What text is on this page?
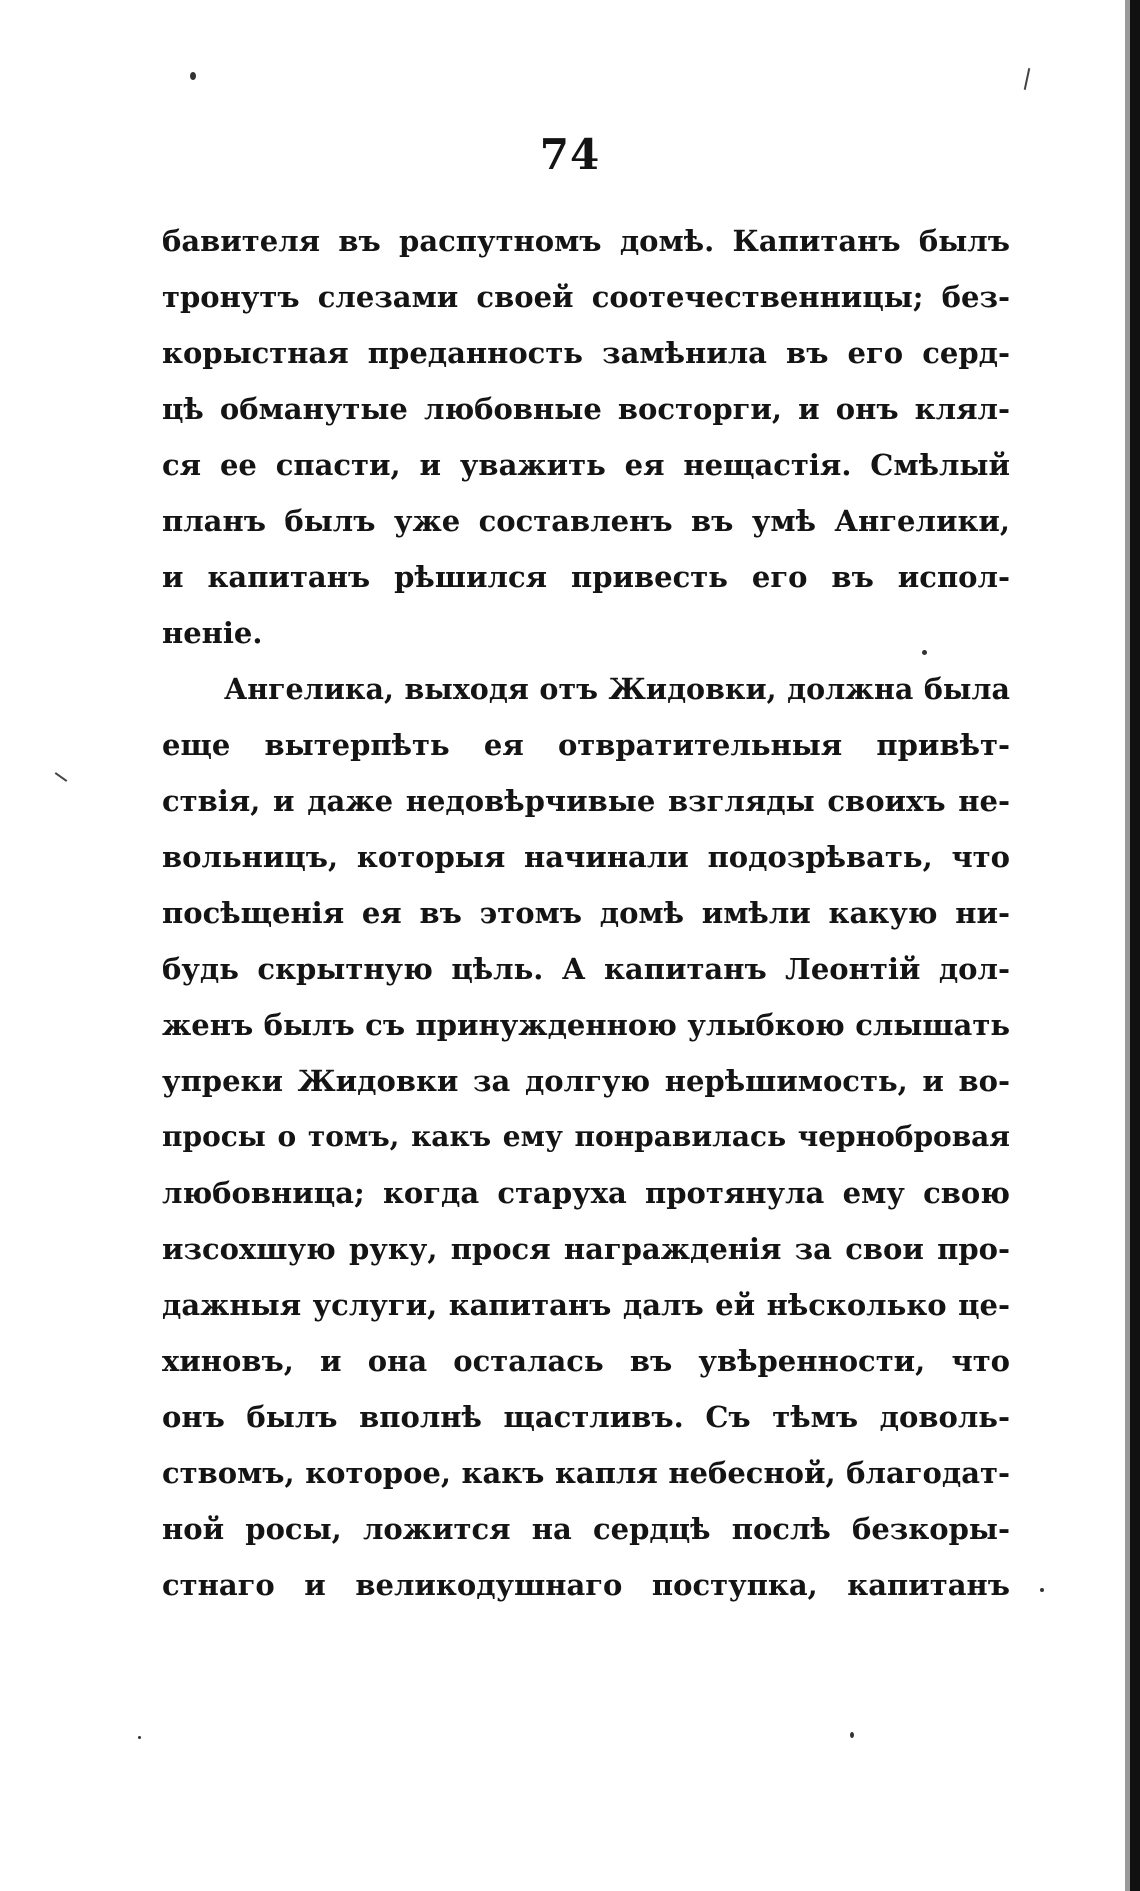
74
бавителя въ распутномъ домѣ. Капитанъ былъ
тронутъ слезами своей соотечественницы; без-
корыстная преданность замѣнила въ его серд-
цѣ обманутые любовные восторги, и онъ клял-
ся ее спасти, и уважить ея нещастія. Смѣлый
планъ былъ уже составленъ въ умѣ Ангелики,
и капитанъ рѣшился привесть его въ испол-
неніе.
Ангелика, выходя отъ Жидовки, должна была
еще вытерпѣть ея отвратительныя привѣт-
ствія, и даже недовѣрчивые взгляды своихъ не-
вольницъ, которыя начинали подозрѣвать, что
посѣщенія ея въ этомъ домѣ имѣли какую ни-
будь скрытную цѣль. А капитанъ Леонтій дол-
женъ былъ съ принужденною улыбкою слышать
упреки Жидовки за долгую нерѣшимость, и во-
просы о томъ, какъ ему понравилась чернобровая
любовница; когда старуха протянула ему свою
изсохшую руку, прося награжденія за свои про-
дажныя услуги, капитанъ далъ ей нѣсколько це-
хиновъ, и она осталась въ увѣренности, что
онъ былъ вполнѣ щастливъ. Съ тѣмъ доволь-
ствомъ, которое, какъ капля небесной, благодат-
ной росы, ложится на сердцѣ послѣ безкоры-
стнаго и великодушнаго поступка, капитанъ
